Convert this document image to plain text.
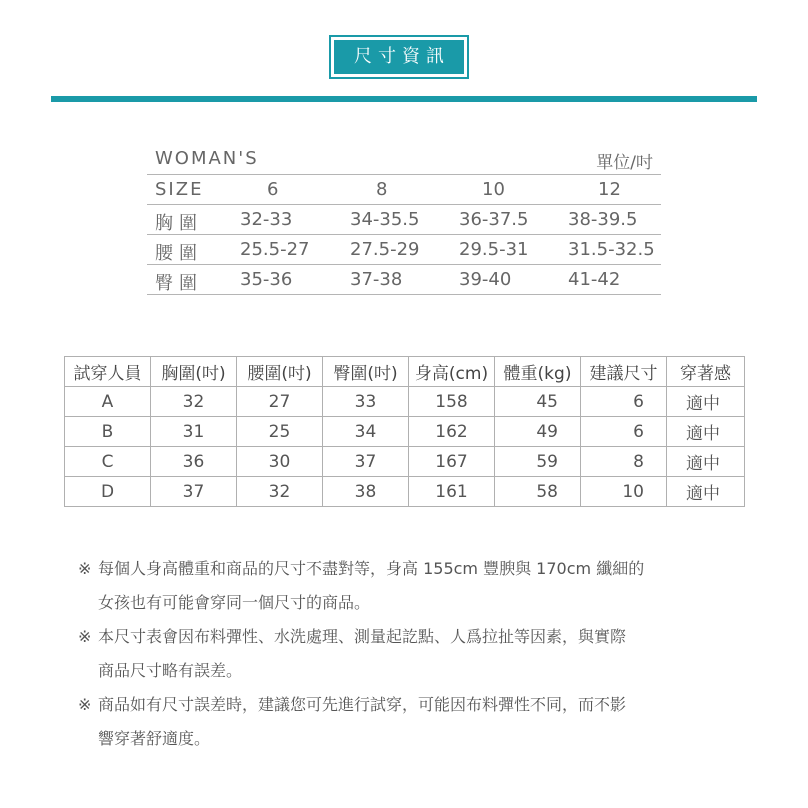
尺寸資訊
WOMAN'S	單位/吋
SIZE	6	8	10	12
胸圍 32-33	34-35.5 36-37.5 38-39.5
腰圍 25.5-27 27.5-29 29.5-31 31.5-32.5
臀圍 35-36	37-38	39-40	41-42
試穿人員	胸圍(吋)	腰圍(吋)	臀圍(吋)	身高(cm)	體重(kg)	建議尺寸	穿著感
A	32	27	33	158	45	6	適中
B	31	25	34	162	49	6	適中
C	36	30	37	167	59	8	適中
D	37	32	38	161	58	10	適中
※ 每個人身高體重和商品的尺寸不盡對等，身高 155cm 豐腴與 170cm 纖細的
女孩也有可能會穿同一個尺寸的商品。
※ 本尺寸表會因布料彈性、水洗處理、測量起訖點、人爲拉扯等因素，與實際
商品尺寸略有誤差。
※ 商品如有尺寸誤差時，建議您可先進行試穿，可能因布料彈性不同，而不影
響穿著舒適度。
